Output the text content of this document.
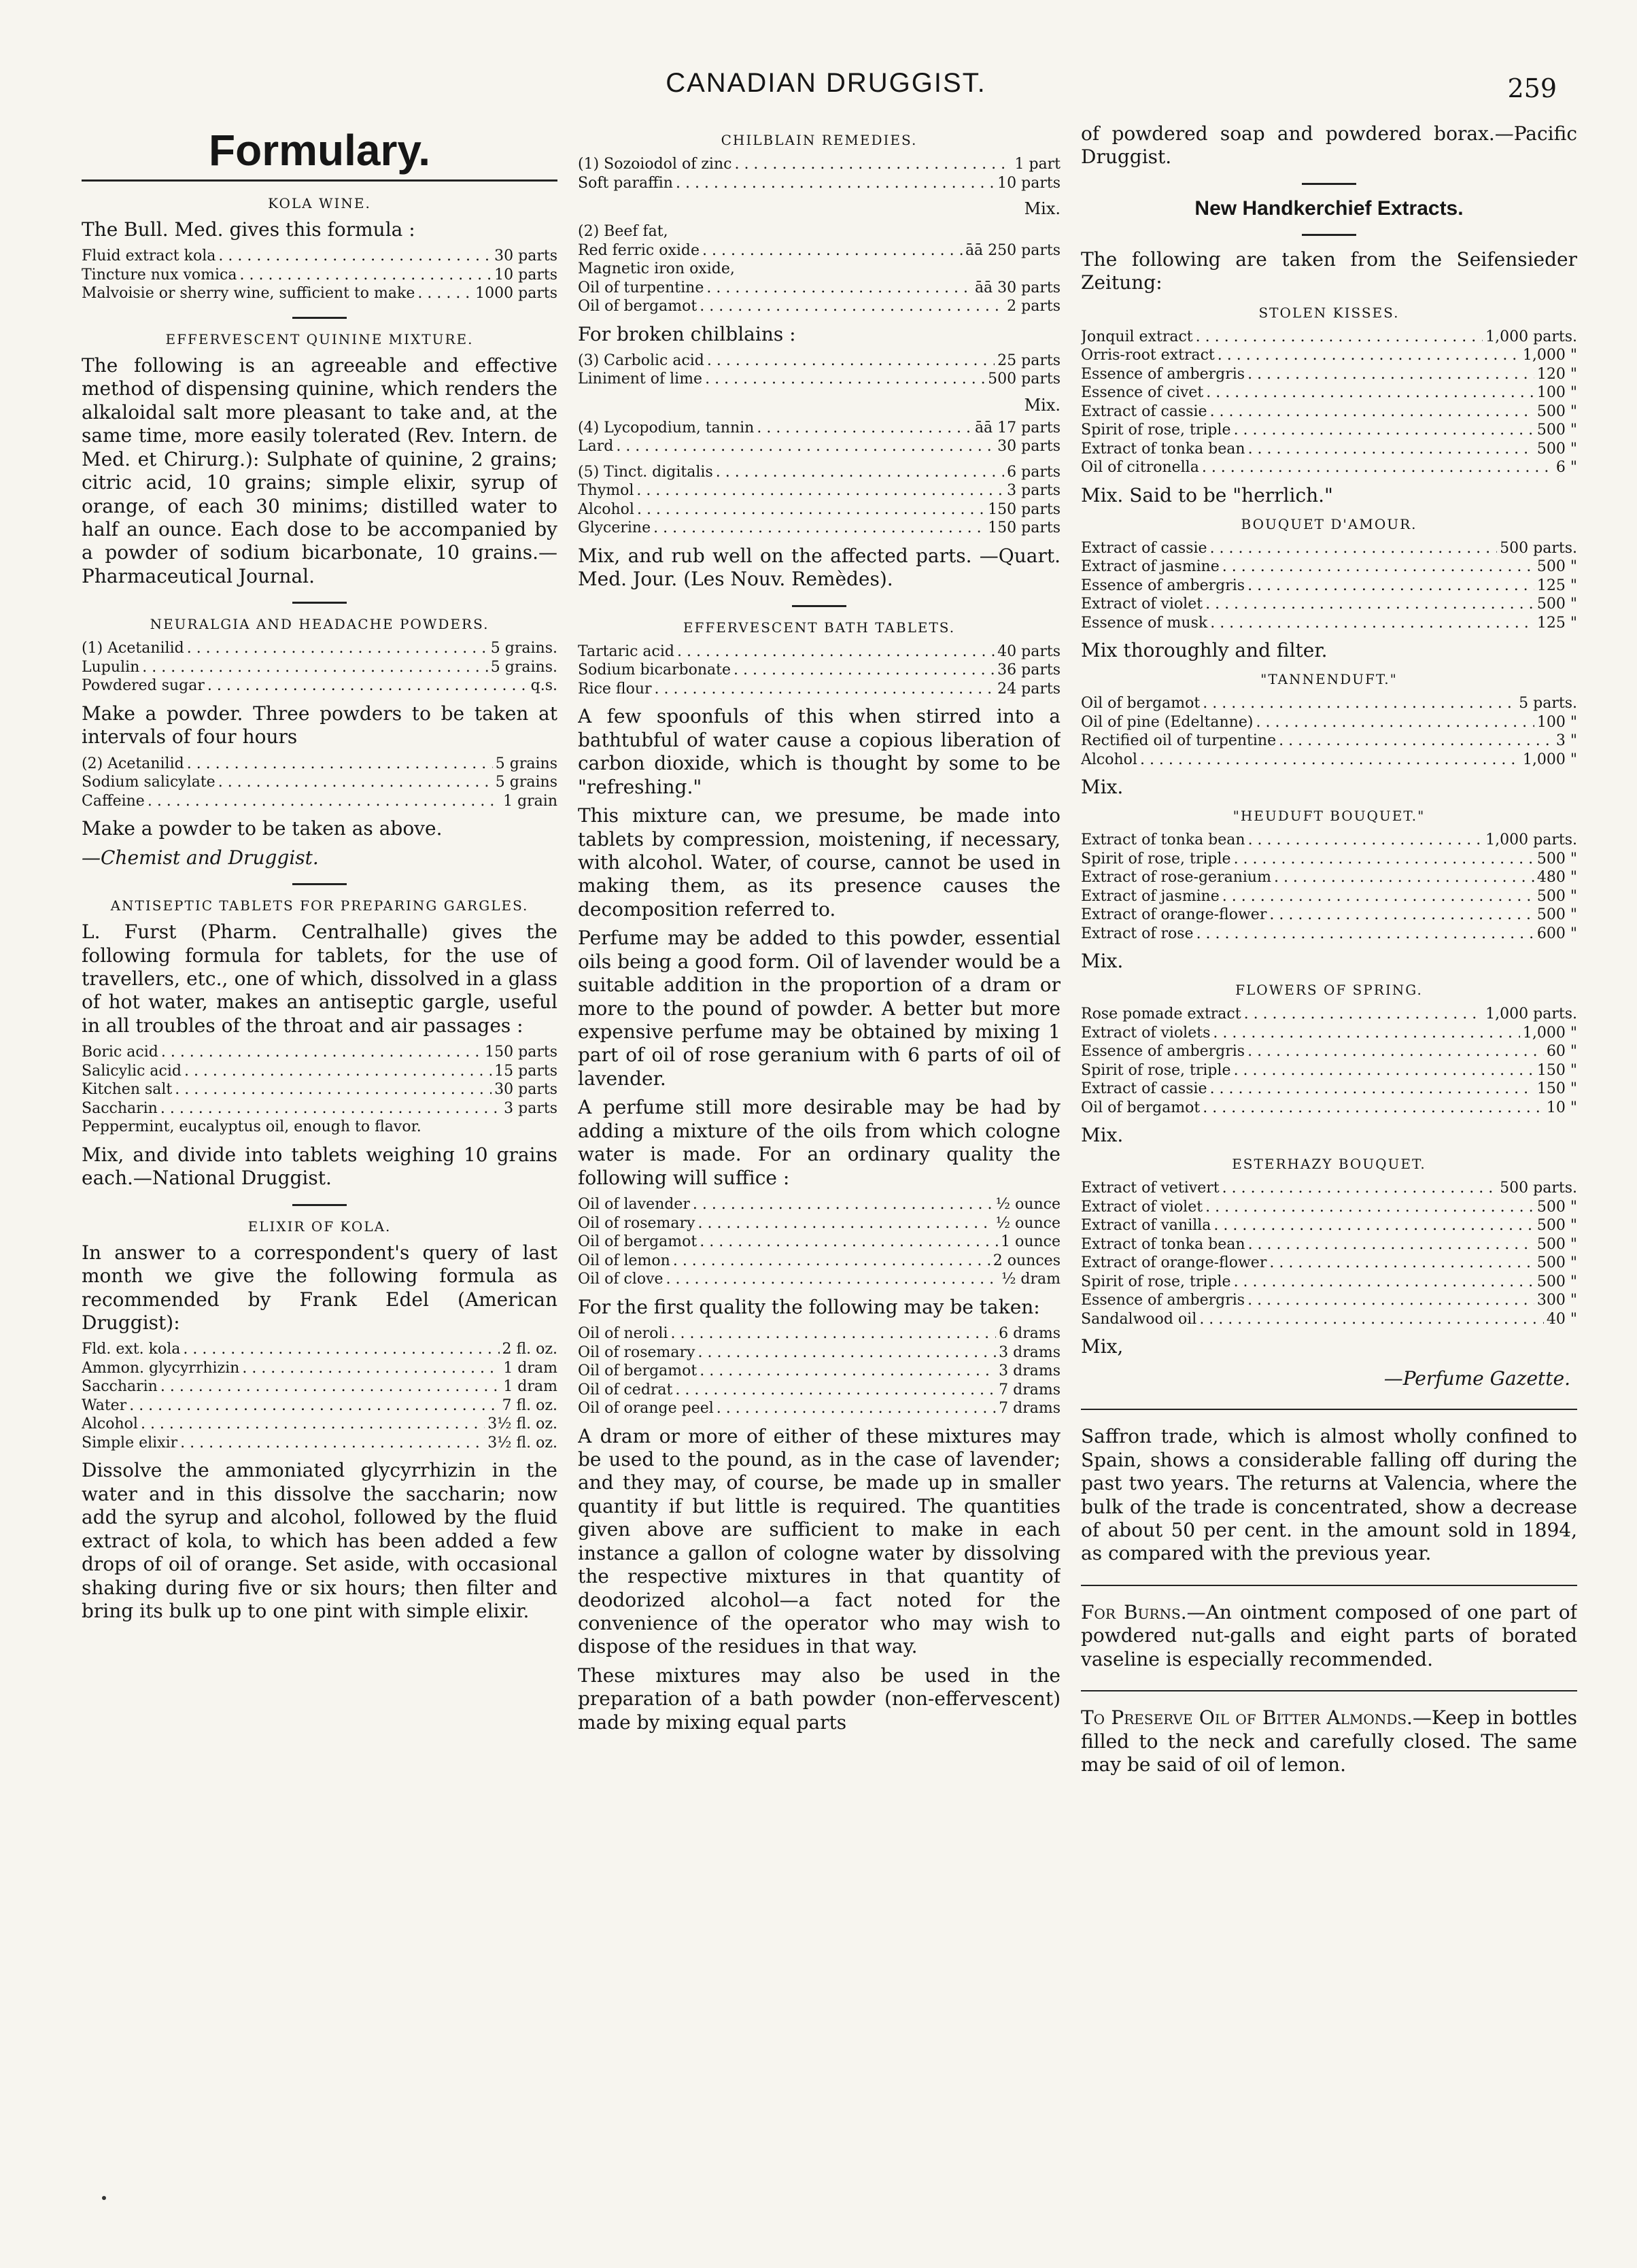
CANADIAN DRUGGIST.	259
Formulary.
KOLA WINE.

The Bull. Med. gives this formula :

Fluid extract kola . . .	30 parts
Tincture nux vomica . . .	10 parts
Malvoisie or sherry wine, sufficient to make . . .	1000 parts
EFFERVESCENT QUININE MIXTURE.

The following is an agreeable and effective method of dispensing quinine, which renders the alkaloidal salt more pleasant to take and, at the same time, more easily tolerated (Rev. Intern. de Med. et Chirurg.): Sulphate of quinine, 2 grains; citric acid, 10 grains; simple elixir, syrup of orange, of each 30 minims; distilled water to half an ounce. Each dose to be accompanied by a powder of sodium bicarbonate, 10 grains.—Pharmaceutical Journal.

NEURALGIA AND HEADACHE POWDERS.
(1) Acetanilid . . .	5 grains.
Lupulin . . .	5 grains.
Powdered sugar . . .	q.s.

Make a powder. Three powders to be taken at intervals of four hours

(2) Acetanilid . . .	5 grains
Sodium salicylate . . .	5 grains
Caffeine . . .	1 grain

Make a powder to be taken as above.

—Chemist and Druggist.

ANTISEPTIC TABLETS FOR PREPARING GARGLES.

L. Furst (Pharm. Centralhalle) gives the following formula for tablets, for the use of travellers, etc., one of which, dissolved in a glass of hot water, makes an antiseptic gargle, useful in all troubles of the throat and air passages :

Boric acid . . .	150 parts
Salicylic acid . . .	15 parts
Kitchen salt . . .	30 parts
Saccharin . . .	3 parts
Peppermint, eucalyptus oil, enough to flavor.

Mix, and divide into tablets weighing 10 grains each.—National Druggist.

ELIXIR OF KOLA.

In answer to a correspondent's query of last month we give the following formula as recommended by Frank Edel (American Druggist):

Fld. ext. kola . . .	2 fl. oz.
Ammon. glycyrrhizin . . .	1 dram
Saccharin . . .	1 dram
Water . . .	7 fl. oz.
Alcohol . . .	3½ fl. oz.
Simple elixir . . .	3½ fl. oz.

Dissolve the ammoniated glycyrrhizin in the water and in this dissolve the saccharin; now add the syrup and alcohol, followed by the fluid extract of kola, to which has been added a few drops of oil of orange. Set aside, with occasional shaking during five or six hours; then filter and bring its bulk up to one pint with simple elixir.

CHILBLAIN REMEDIES.
(1) Sozoiodol of zinc . . .	1 part
Soft paraffin . . .	10 parts
Mix.
(2) Beef fat,
Red ferric oxide . . .	āā 250 parts
Magnetic iron oxide,
Oil of turpentine . . .	āā 30 parts
Oil of bergamot . . .	2 parts

For broken chilblains :

(3) Carbolic acid . . .	25 parts
Liniment of lime . . .	500 parts
Mix.
(4) Lycopodium, tannin . . .	āā 17 parts
Lard . . .	30 parts
(5) Tinct. digitalis . . .	6 parts
Thymol . . .	3 parts
Alcohol . . .	150 parts
Glycerine . . .	150 parts

Mix, and rub well on the affected parts. —Quart. Med. Jour. (Les Nouv. Remèdes).

EFFERVESCENT BATH TABLETS.
Tartaric acid . . .	40 parts
Sodium bicarbonate . . .	36 parts
Rice flour . . .	24 parts

A few spoonfuls of this when stirred into a bathtubful of water cause a copious liberation of carbon dioxide, which is thought by some to be "refreshing."

This mixture can, we presume, be made into tablets by compression, moistening, if necessary, with alcohol. Water, of course, cannot be used in making them, as its presence causes the decomposition referred to.

Perfume may be added to this powder, essential oils being a good form. Oil of lavender would be a suitable addition in the proportion of a dram or more to the pound of powder. A better but more expensive perfume may be obtained by mixing 1 part of oil of rose geranium with 6 parts of oil of lavender.

A perfume still more desirable may be had by adding a mixture of the oils from which cologne water is made. For an ordinary quality the following will suffice :

Oil of lavender . . .	½ ounce
Oil of rosemary . . .	½ ounce
Oil of bergamot . . .	1 ounce
Oil of lemon . . .	2 ounces
Oil of clove . . .	½ dram

For the first quality the following may be taken:

Oil of neroli . . .	6 drams
Oil of rosemary . . .	3 drams
Oil of bergamot . . .	3 drams
Oil of cedrat . . .	7 drams
Oil of orange peel . . .	7 drams

A dram or more of either of these mixtures may be used to the pound, as in the case of lavender; and they may, of course, be made up in smaller quantity if but little is required. The quantities given above are sufficient to make in each instance a gallon of cologne water by dissolving the respective mixtures in that quantity of deodorized alcohol—a fact noted for the convenience of the operator who may wish to dispose of the residues in that way.

These mixtures may also be used in the preparation of a bath powder (non-effervescent) made by mixing equal parts

of powdered soap and powdered borax.—Pacific Druggist.

New Handkerchief Extracts.

The following are taken from the Seifensieder Zeitung:

STOLEN KISSES.
Jonquil extract . . .	1,000 parts.
Orris-root extract . . .	1,000 "
Essence of ambergris . . .	120 "
Essence of civet . . .	100 "
Extract of cassie . . .	500 "
Spirit of rose, triple . . .	500 "
Extract of tonka bean . . .	500 "
Oil of citronella . . .	6 "
Mix. Said to be "herrlich."
BOUQUET D'AMOUR.
Extract of cassie . . .	500 parts.
Extract of jasmine . . .	500 "
Essence of ambergris . . .	125 "
Extract of violet . . .	500 "
Essence of musk . . .	125 "
Mix thoroughly and filter.
"TANNENDUFT."
Oil of bergamot . . .	5 parts.
Oil of pine (Edeltanne) . . .	100 "
Rectified oil of turpentine . . .	3 "
Alcohol . . .	1,000 "
Mix.
"HEUDUFT BOUQUET."
Extract of tonka bean . . .	1,000 parts.
Spirit of rose, triple . . .	500 "
Extract of rose-geranium . . .	480 "
Extract of jasmine . . .	500 "
Extract of orange-flower . . .	500 "
Extract of rose . . .	600 "
Mix.
FLOWERS OF SPRING.
Rose pomade extract . . .	1,000 parts.
Extract of violets . . .	1,000 "
Essence of ambergris . . .	60 "
Spirit of rose, triple . . .	150 "
Extract of cassie . . .	150 "
Oil of bergamot . . .	10 "
Mix.
ESTERHAZY BOUQUET.
Extract of vetivert . . .	500 parts.
Extract of violet . . .	500 "
Extract of vanilla . . .	500 "
Extract of tonka bean . . .	500 "
Extract of orange-flower . . .	500 "
Spirit of rose, triple . . .	500 "
Essence of ambergris . . .	300 "
Sandalwood oil . . .	40 "
Mix,
—Perfume Gazette.

Saffron trade, which is almost wholly confined to Spain, shows a considerable falling off during the past two years. The returns at Valencia, where the bulk of the trade is concentrated, show a decrease of about 50 per cent. in the amount sold in 1894, as compared with the previous year.

For Burns.—An ointment composed of one part of powdered nut-galls and eight parts of borated vaseline is especially recommended.

To Preserve Oil of Bitter Almonds.—Keep in bottles filled to the neck and carefully closed. The same may be said of oil of lemon.
